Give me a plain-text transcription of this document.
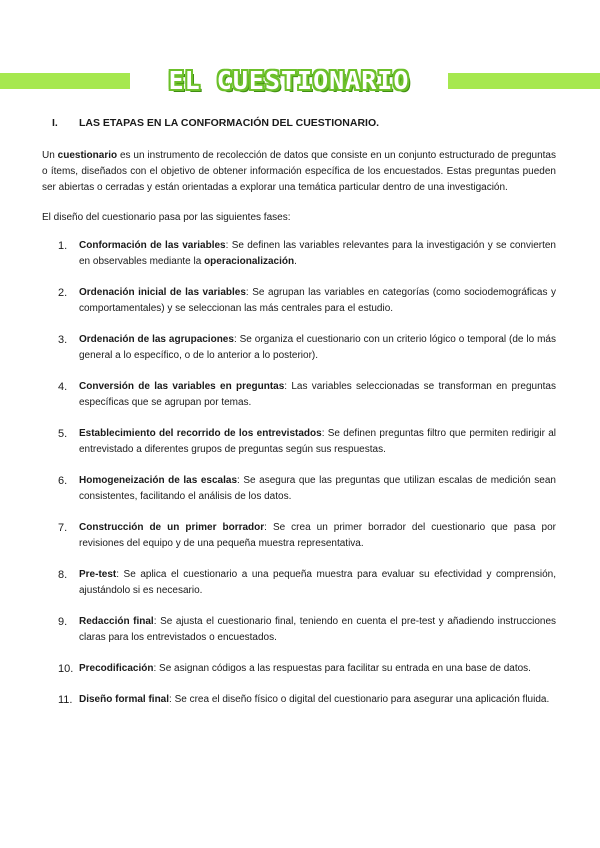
EL CUESTIONARIO
I. LAS ETAPAS EN LA CONFORMACIÓN DEL CUESTIONARIO.
Un cuestionario es un instrumento de recolección de datos que consiste en un conjunto estructurado de preguntas o ítems, diseñados con el objetivo de obtener información específica de los encuestados. Estas preguntas pueden ser abiertas o cerradas y están orientadas a explorar una temática particular dentro de una investigación.
El diseño del cuestionario pasa por las siguientes fases:
1. Conformación de las variables: Se definen las variables relevantes para la investigación y se convierten en observables mediante la operacionalización.
2. Ordenación inicial de las variables: Se agrupan las variables en categorías (como sociodemográficas y comportamentales) y se seleccionan las más centrales para el estudio.
3. Ordenación de las agrupaciones: Se organiza el cuestionario con un criterio lógico o temporal (de lo más general a lo específico, o de lo anterior a lo posterior).
4. Conversión de las variables en preguntas: Las variables seleccionadas se transforman en preguntas específicas que se agrupan por temas.
5. Establecimiento del recorrido de los entrevistados: Se definen preguntas filtro que permiten redirigir al entrevistado a diferentes grupos de preguntas según sus respuestas.
6. Homogeneización de las escalas: Se asegura que las preguntas que utilizan escalas de medición sean consistentes, facilitando el análisis de los datos.
7. Construcción de un primer borrador: Se crea un primer borrador del cuestionario que pasa por revisiones del equipo y de una pequeña muestra representativa.
8. Pre-test: Se aplica el cuestionario a una pequeña muestra para evaluar su efectividad y comprensión, ajustándolo si es necesario.
9. Redacción final: Se ajusta el cuestionario final, teniendo en cuenta el pre-test y añadiendo instrucciones claras para los entrevistados o encuestados.
10. Precodificación: Se asignan códigos a las respuestas para facilitar su entrada en una base de datos.
11. Diseño formal final: Se crea el diseño físico o digital del cuestionario para asegurar una aplicación fluida.
